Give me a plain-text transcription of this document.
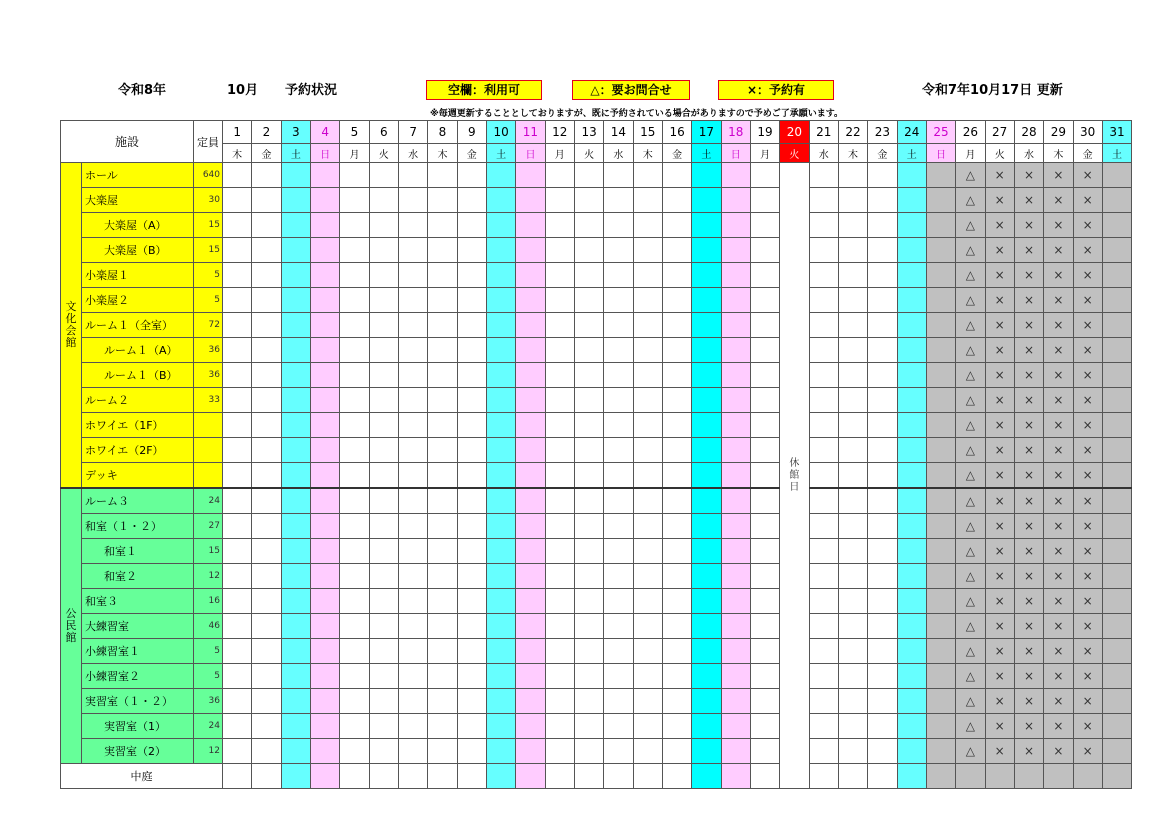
令和8年	10月 予約状況	空欄：利用可	△：要お問合せ	×：予約有	令和7年10月17日 更新
※毎週更新することとしておりますが、既に予約されている場合がありますので予めご了承願います。
施設		定員	1	2	3	4	5	6	7	8	9	10	11	12	13	14	15	16	17	18	19	20	21	22	23	24	25	26	27	28	29	30	31
			木	金	土	日	月	火	水	木	金	土	日	月	火	水	木	金	土	日	月	火	水	木	金	土	日	月	火	水	木	金	土
文化会館	ホール	640																				休館日						△	×	×	×	×	
	大楽屋	30																										△	×	×	×	×	
	大楽屋（A）	15																										△	×	×	×	×	
	大楽屋（B）	15																										△	×	×	×	×	
	小楽屋１	5																										△	×	×	×	×	
	小楽屋２	5																										△	×	×	×	×	
	ルーム１（全室）	72																										△	×	×	×	×	
	ルーム１（A）	36																										△	×	×	×	×	
	ルーム１（B）	36																										△	×	×	×	×	
	ルーム２	33																										△	×	×	×	×	
	ホワイエ（1F）																											△	×	×	×	×	
	ホワイエ（2F）																											△	×	×	×	×	
	デッキ																											△	×	×	×	×	
公民館	ルーム３	24																										△	×	×	×	×	
	和室（１・２）	27																										△	×	×	×	×	
	和室１	15																										△	×	×	×	×	
	和室２	12																										△	×	×	×	×	
	和室３	16																										△	×	×	×	×	
	大練習室	46																										△	×	×	×	×	
	小練習室１	5																										△	×	×	×	×	
	小練習室２	5																										△	×	×	×	×	
	実習室（１・２）	36																										△	×	×	×	×	
	実習室（1）	24																										△	×	×	×	×	
	実習室（2）	12																										△	×	×	×	×	
中庭																																	
